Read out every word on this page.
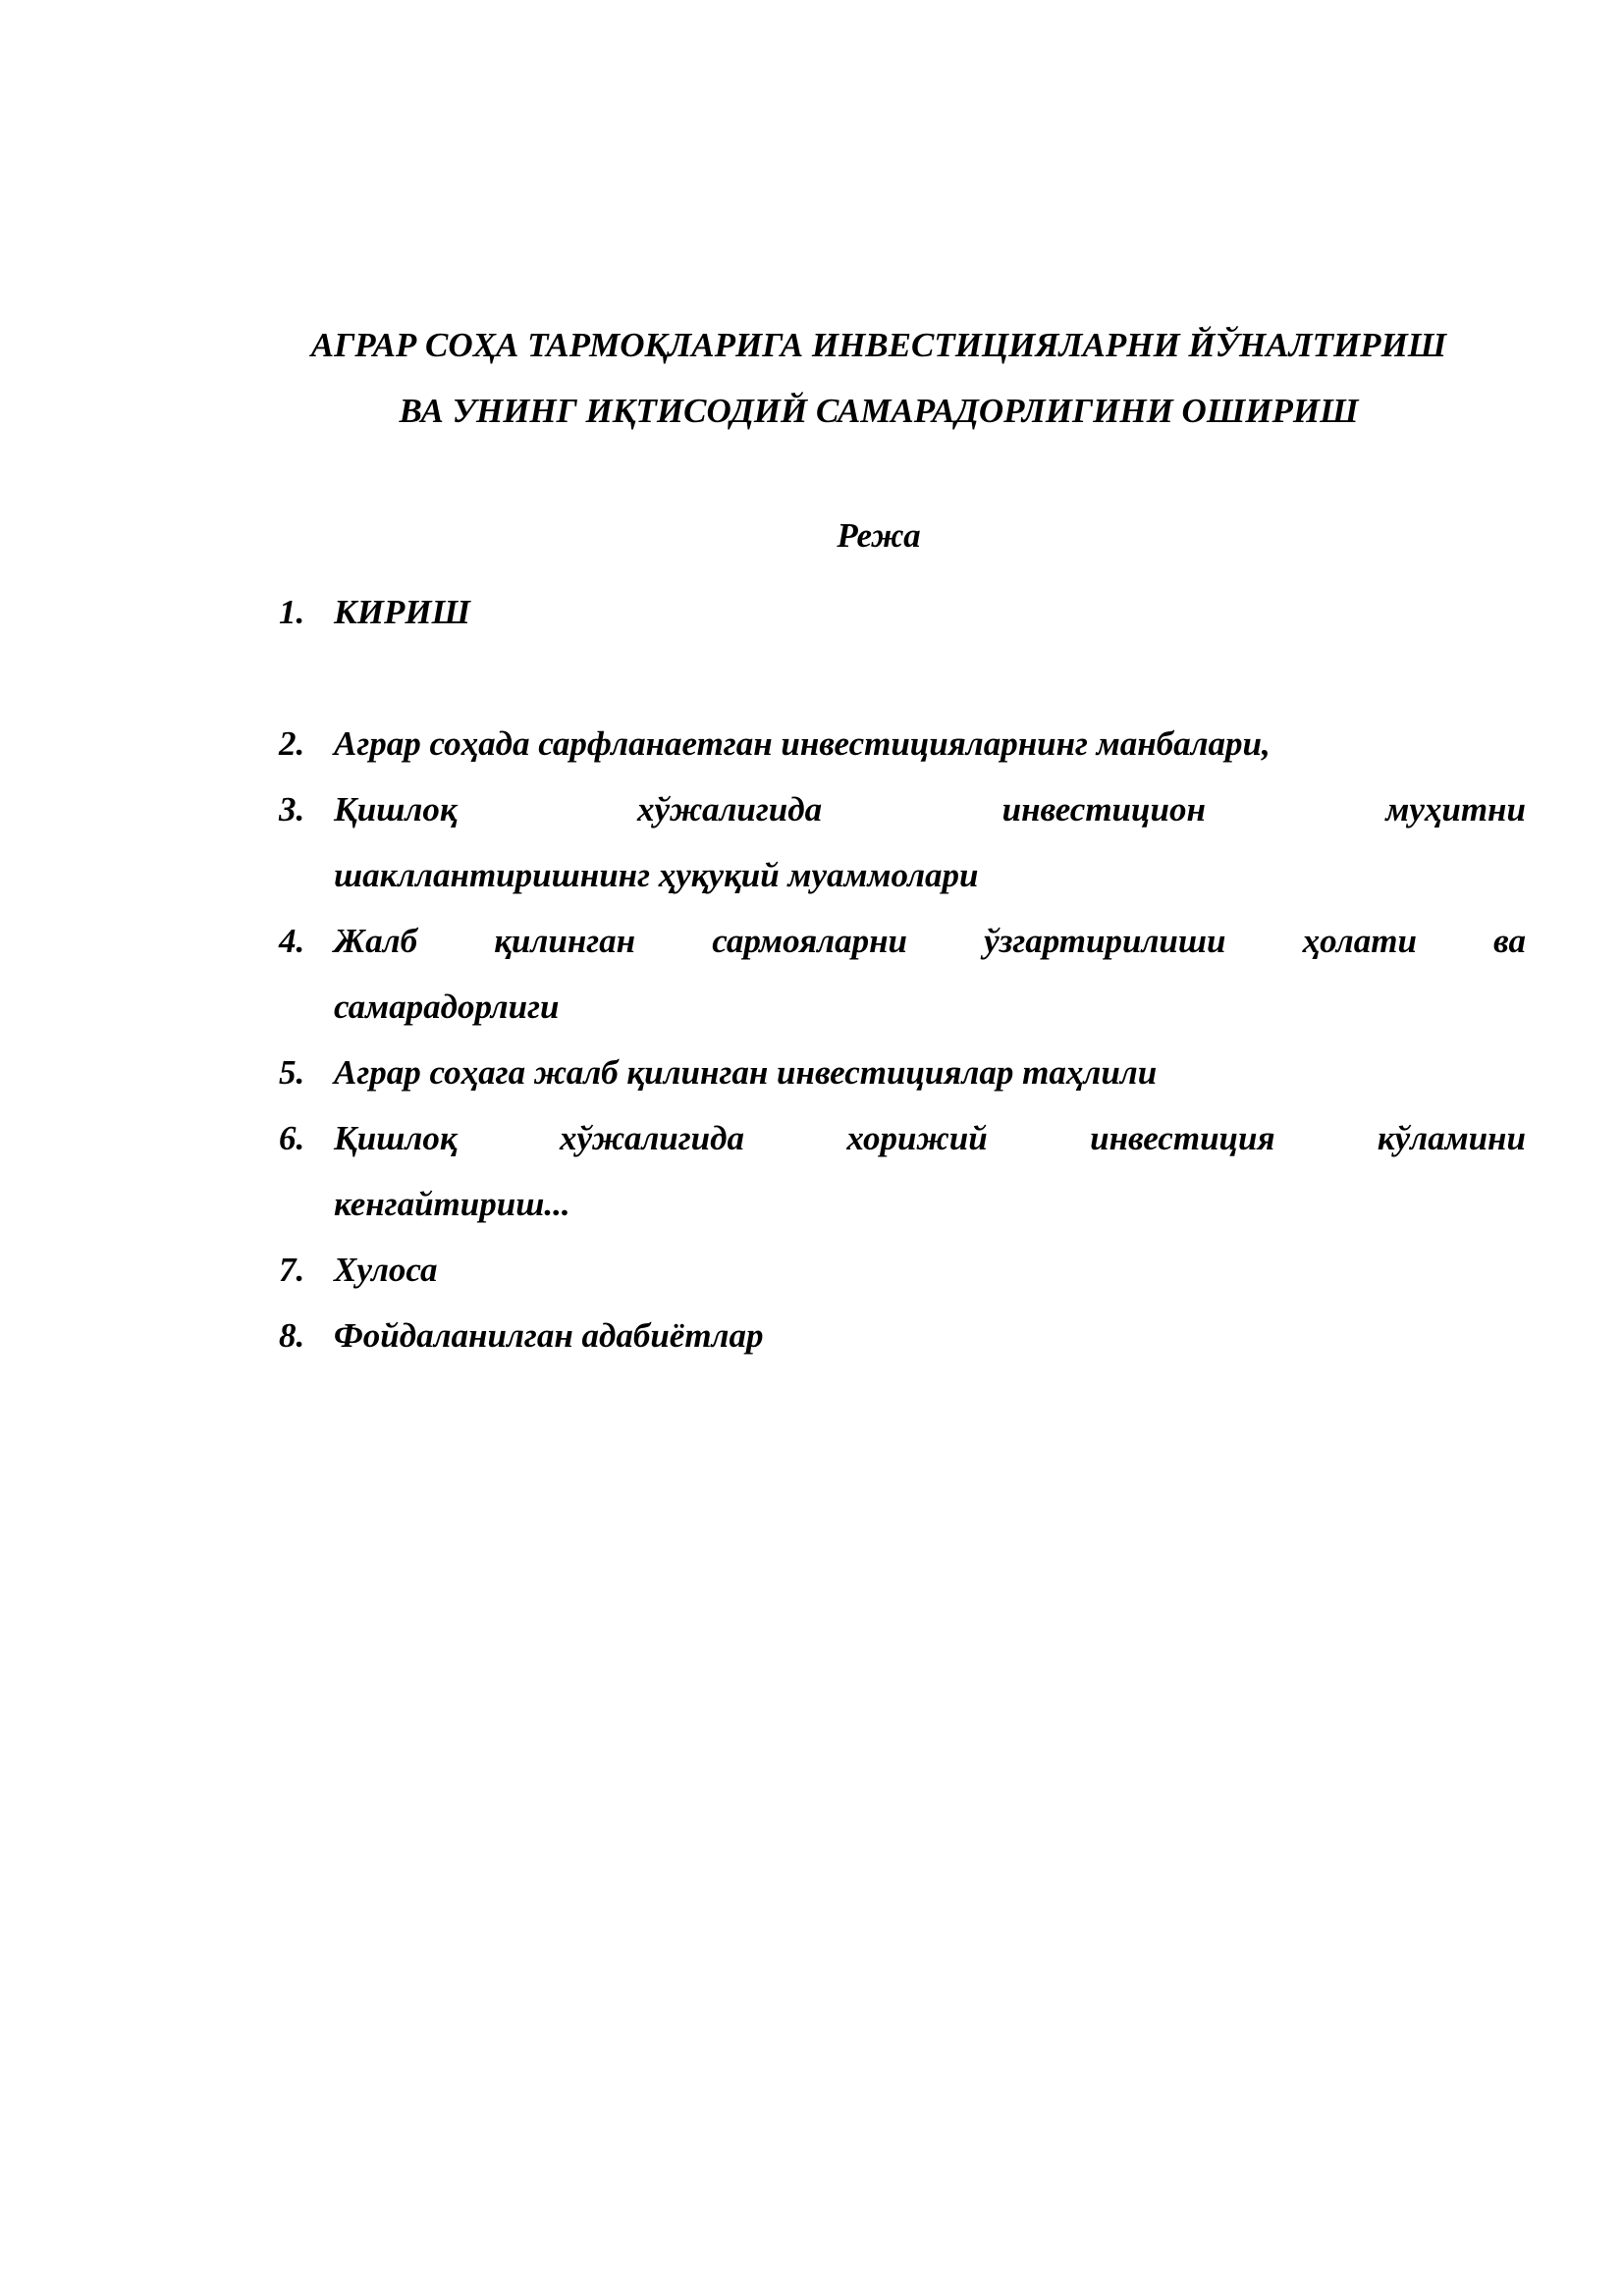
АГРАР СОҲА ТАРМОҚЛАРИГА ИНВЕСТИЦИЯЛАРНИ ЙЎНАЛТИРИШ
ВА УНИНГ ИҚТИСОДИЙ САМАРАДОРЛИГИНИ ОШИРИШ
Режа
1. КИРИШ
2. Аграр соҳада сарфланаетган инвестицияларнинг манбалари,
3. Қишлоқ	хўжалигида	инвестицион	муҳитни
шакллантиришнинг ҳуқуқий муаммолари
4. Жалб қилинган сармояларни ўзгартирилиши ҳолати ва
самарадорлиги
5. Аграр соҳага жалб қилинган инвестициялар таҳлили
6. Қишлоқ	хўжалигида	хорижий	инвестиция	кўламини
кенгайтириш...
7. Хулоса
8. Фойдаланилган адабиётлар
